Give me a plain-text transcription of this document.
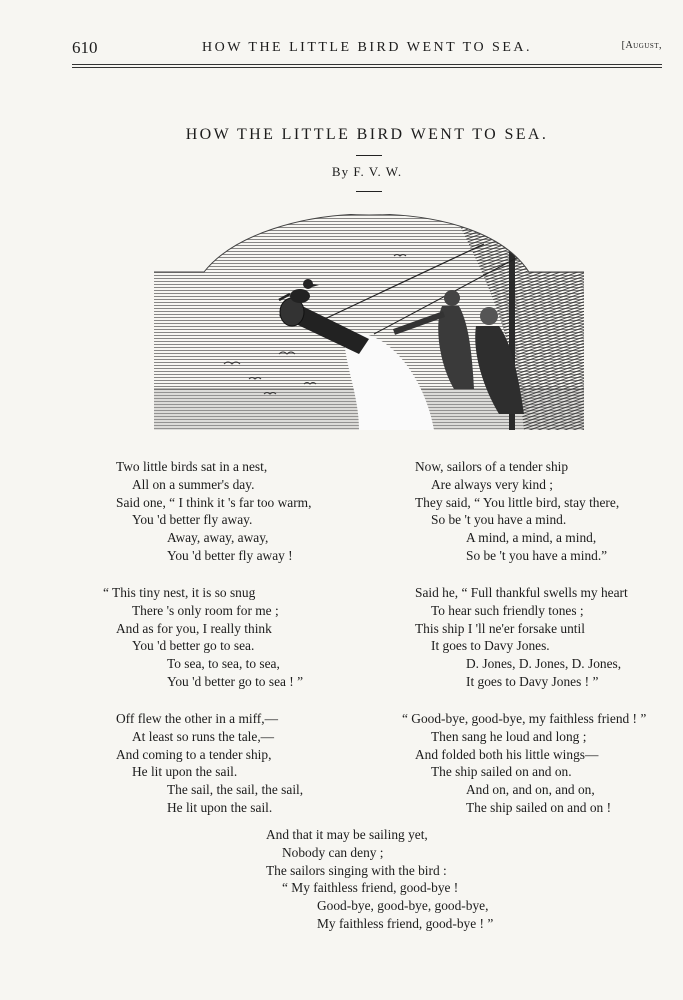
610	HOW THE LITTLE BIRD WENT TO SEA.	[August,
HOW THE LITTLE BIRD WENT TO SEA.
By F. V. W.
Two little birds sat in a nest,
All on a summer's day.
Said one, “ I think it 's far too warm,
You 'd better fly away.
Away, away, away,
You 'd better fly away !
“ This tiny nest, it is so snug
There 's only room for me ;
And as for you, I really think
You 'd better go to sea.
To sea, to sea, to sea,
You 'd better go to sea ! ”
Off flew the other in a miff,—
At least so runs the tale,—
And coming to a tender ship,
He lit upon the sail.
The sail, the sail, the sail,
He lit upon the sail.
Now, sailors of a tender ship
Are always very kind ;
They said, “ You little bird, stay there,
So be 't you have a mind.
A mind, a mind, a mind,
So be 't you have a mind.”
Said he, “ Full thankful swells my heart
To hear such friendly tones ;
This ship I 'll ne'er forsake until
It goes to Davy Jones.
D. Jones, D. Jones, D. Jones,
It goes to Davy Jones ! ”
“ Good-bye, good-bye, my faithless friend ! ”
Then sang he loud and long ;
And folded both his little wings—
The ship sailed on and on.
And on, and on, and on,
The ship sailed on and on !
And that it may be sailing yet,
Nobody can deny ;
The sailors singing with the bird :
“ My faithless friend, good-bye !
Good-bye, good-bye, good-bye,
My faithless friend, good-bye ! ”
